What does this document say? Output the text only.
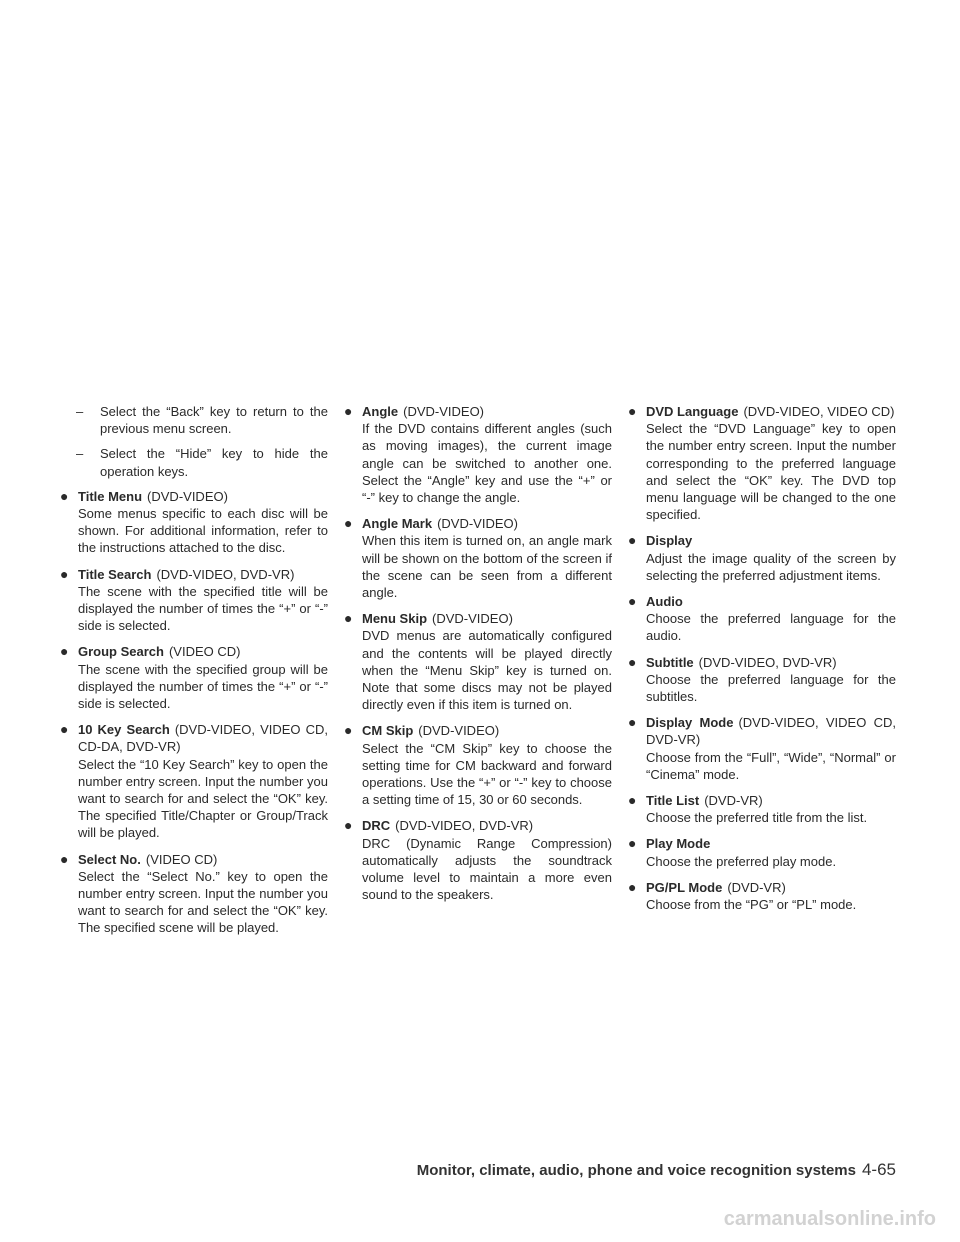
– Select the “Back” key to return to the previous menu screen.
– Select the “Hide” key to hide the operation keys.
● Title Menu (DVD-VIDEO)
Some menus specific to each disc will be shown. For additional information, refer to the instructions attached to the disc.
● Title Search (DVD-VIDEO, DVD-VR)
The scene with the specified title will be displayed the number of times the “+” or “-” side is selected.
● Group Search (VIDEO CD)
The scene with the specified group will be displayed the number of times the “+” or “-” side is selected.
● 10 Key Search (DVD-VIDEO, VIDEO CD, CD-DA, DVD-VR)
Select the “10 Key Search” key to open the number entry screen. Input the number you want to search for and select the “OK” key. The specified Title/Chapter or Group/Track will be played.
● Select No. (VIDEO CD)
Select the “Select No.” key to open the number entry screen. Input the number you want to search for and select the “OK” key. The specified scene will be played.
● Angle (DVD-VIDEO)
If the DVD contains different angles (such as moving images), the current image angle can be switched to another one. Select the “Angle” key and use the “+” or “-” key to change the angle.
● Angle Mark (DVD-VIDEO)
When this item is turned on, an angle mark will be shown on the bottom of the screen if the scene can be seen from a different angle.
● Menu Skip (DVD-VIDEO)
DVD menus are automatically configured and the contents will be played directly when the “Menu Skip” key is turned on. Note that some discs may not be played directly even if this item is turned on.
● CM Skip (DVD-VIDEO)
Select the “CM Skip” key to choose the setting time for CM backward and forward operations. Use the “+” or “-” key to choose a setting time of 15, 30 or 60 seconds.
● DRC (DVD-VIDEO, DVD-VR)
DRC (Dynamic Range Compression) automatically adjusts the soundtrack volume level to maintain a more even sound to the speakers.
● DVD Language (DVD-VIDEO, VIDEO CD)
Select the “DVD Language” key to open the number entry screen. Input the number corresponding to the preferred language and select the “OK” key. The DVD top menu language will be changed to the one specified.
● Display
Adjust the image quality of the screen by selecting the preferred adjustment items.
● Audio
Choose the preferred language for the audio.
● Subtitle (DVD-VIDEO, DVD-VR)
Choose the preferred language for the subtitles.
● Display Mode (DVD-VIDEO, VIDEO CD, DVD-VR)
Choose from the “Full”, “Wide”, “Normal” or “Cinema” mode.
● Title List (DVD-VR)
Choose the preferred title from the list.
● Play Mode
Choose the preferred play mode.
● PG/PL Mode (DVD-VR)
Choose from the “PG” or “PL” mode.
Monitor, climate, audio, phone and voice recognition systems 4-65
carmanualsonline.info
